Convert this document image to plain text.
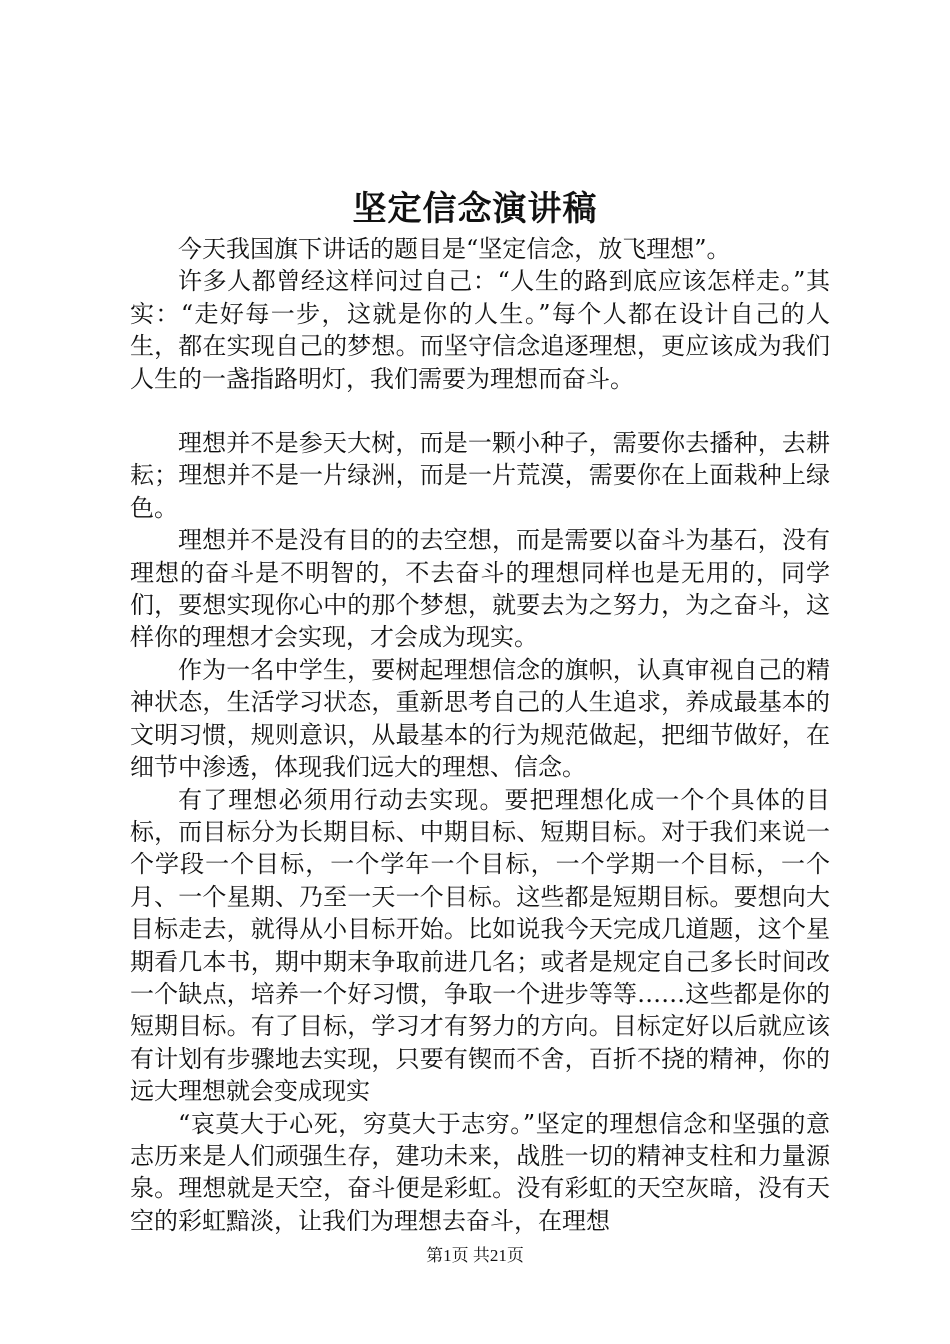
坚定信念演讲稿

今天我国旗下讲话的题目是“坚定信念，放飞理想”。

许多人都曾经这样问过自己：“人生的路到底应该怎样走。”其实：“走好每一步，这就是你的人生。”每个人都在设计自己的人生，都在实现自己的梦想。而坚守信念追逐理想，更应该成为我们人生的一盏指路明灯，我们需要为理想而奋斗。

理想并不是参天大树，而是一颗小种子，需要你去播种，去耕耘；理想并不是一片绿洲，而是一片荒漠，需要你在上面栽种上绿色。

理想并不是没有目的的去空想，而是需要以奋斗为基石，没有理想的奋斗是不明智的，不去奋斗的理想同样也是无用的，同学们，要想实现你心中的那个梦想，就要去为之努力，为之奋斗，这样你的理想才会实现，才会成为现实。

作为一名中学生，要树起理想信念的旗帜，认真审视自己的精神状态，生活学习状态，重新思考自己的人生追求，养成最基本的文明习惯，规则意识，从最基本的行为规范做起，把细节做好，在细节中渗透，体现我们远大的理想、信念。

有了理想必须用行动去实现。要把理想化成一个个具体的目标，而目标分为长期目标、中期目标、短期目标。对于我们来说一个学段一个目标，一个学年一个目标，一个学期一个目标，一个月、一个星期、乃至一天一个目标。这些都是短期目标。要想向大目标走去，就得从小目标开始。比如说我今天完成几道题，这个星期看几本书，期中期末争取前进几名；或者是规定自己多长时间改一个缺点，培养一个好习惯，争取一个进步等等……这些都是你的短期目标。有了目标，学习才有努力的方向。目标定好以后就应该有计划有步骤地去实现，只要有锲而不舍，百折不挠的精神，你的远大理想就会变成现实

“哀莫大于心死，穷莫大于志穷。”坚定的理想信念和坚强的意志历来是人们顽强生存，建功未来，战胜一切的精神支柱和力量源泉。理想就是天空，奋斗便是彩虹。没有彩虹的天空灰暗，没有天空的彩虹黯淡，让我们为理想去奋斗，在理想

第1页 共21页
